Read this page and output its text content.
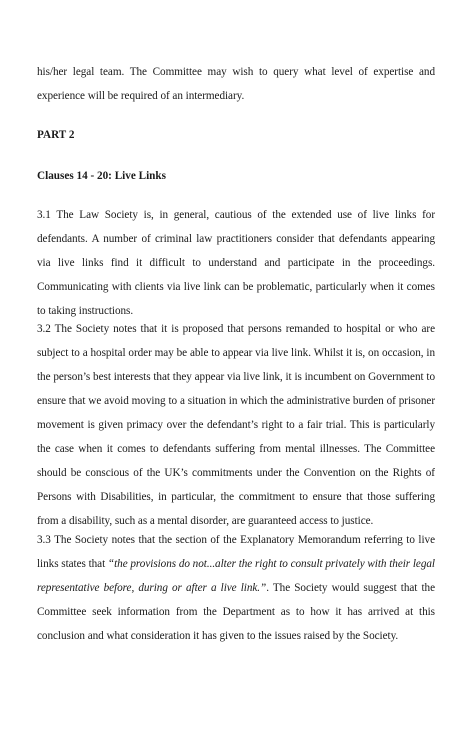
his/her legal team. The Committee may wish to query what level of expertise and experience will be required of an intermediary.

PART 2

Clauses 14 - 20: Live Links

3.1 The Law Society is, in general, cautious of the extended use of live links for defendants. A number of criminal law practitioners consider that defendants appearing via live links find it difficult to understand and participate in the proceedings. Communicating with clients via live link can be problematic, particularly when it comes to taking instructions.

3.2 The Society notes that it is proposed that persons remanded to hospital or who are subject to a hospital order may be able to appear via live link. Whilst it is, on occasion, in the person’s best interests that they appear via live link, it is incumbent on Government to ensure that we avoid moving to a situation in which the administrative burden of prisoner movement is given primacy over the defendant’s right to a fair trial. This is particularly the case when it comes to defendants suffering from mental illnesses. The Committee should be conscious of the UK’s commitments under the Convention on the Rights of Persons with Disabilities, in particular, the commitment to ensure that those suffering from a disability, such as a mental disorder, are guaranteed access to justice.

3.3 The Society notes that the section of the Explanatory Memorandum referring to live links states that “the provisions do not...alter the right to consult privately with their legal representative before, during or after a live link.”. The Society would suggest that the Committee seek information from the Department as to how it has arrived at this conclusion and what consideration it has given to the issues raised by the Society.
